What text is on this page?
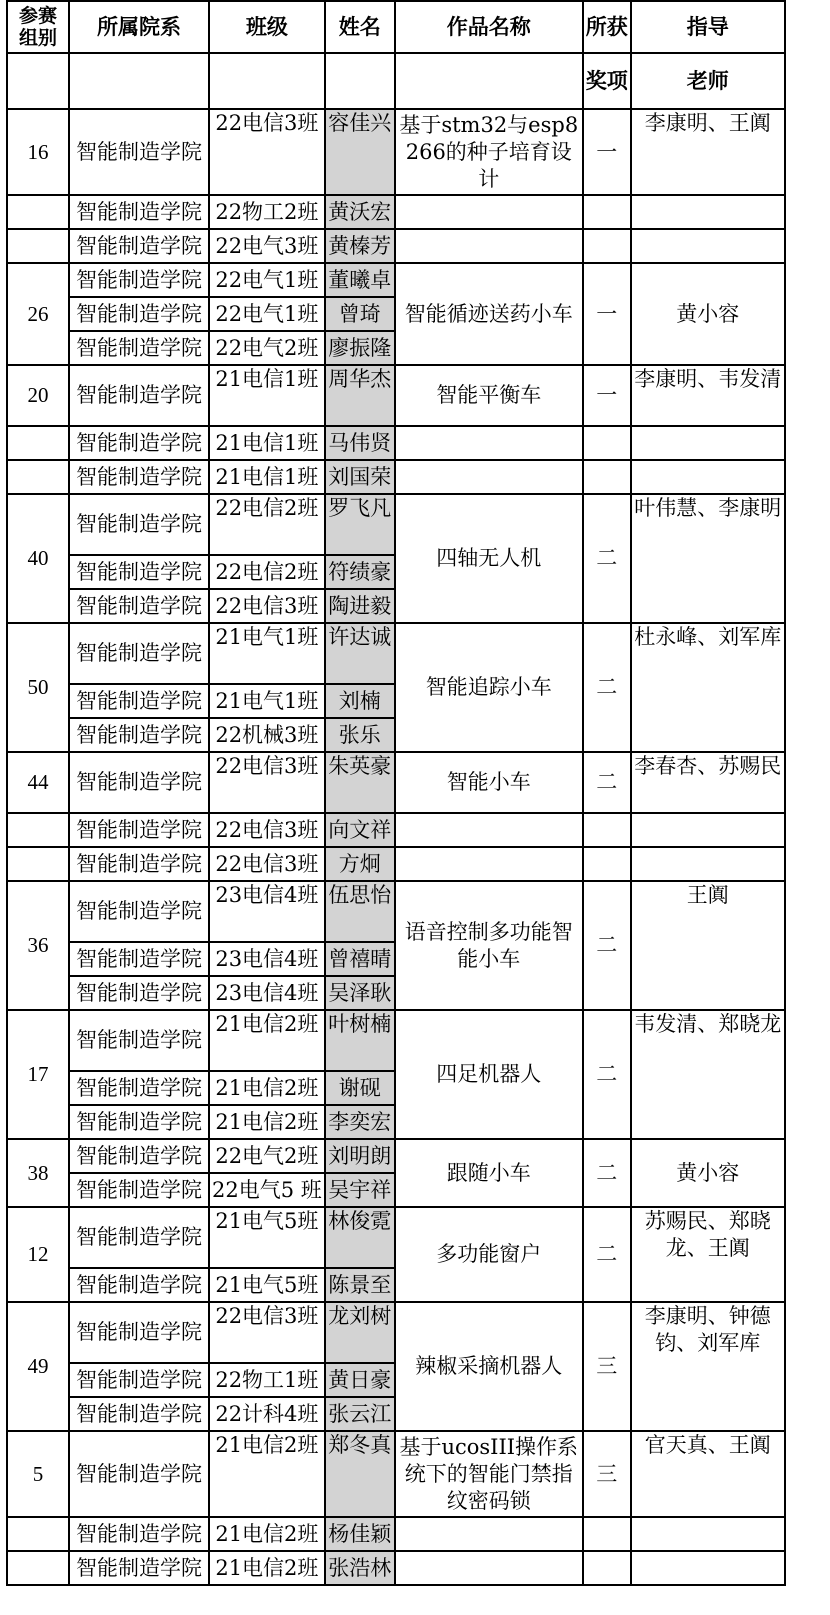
参赛组别	所属院系	班级	姓名	作品名称	所获	指导
					奖项	老师
16	智能制造学院	22电信3班	容佳兴	基于stm32与esp8266的种子培育设计	一	李康明、王阗
	智能制造学院	22物工2班	黄沃宏			
	智能制造学院	22电气3班	黄榛芳			
26	智能制造学院	22电气1班	董曦卓	智能循迹送药小车	一	黄小容
	智能制造学院	22电气1班	曾琦			
	智能制造学院	22电气2班	廖振隆			
20	智能制造学院	21电信1班	周华杰	智能平衡车	一	李康明、韦发清
	智能制造学院	21电信1班	马伟贤			
	智能制造学院	21电信1班	刘国荣			
40	智能制造学院	22电信2班	罗飞凡	四轴无人机	二	叶伟慧、李康明
	智能制造学院	22电信2班	符绩豪			
	智能制造学院	22电信3班	陶进毅			
50	智能制造学院	21电气1班	许达诚	智能追踪小车	二	杜永峰、刘军库
	智能制造学院	21电气1班	刘楠			
	智能制造学院	22机械3班	张乐			
44	智能制造学院	22电信3班	朱英豪	智能小车	二	李春杏、苏赐民
	智能制造学院	22电信3班	向文祥			
	智能制造学院	22电信3班	方炯			
36	智能制造学院	23电信4班	伍思怡	语音控制多功能智能小车	二	王阗
	智能制造学院	23电信4班	曾禧晴			
	智能制造学院	23电信4班	吴泽耿			
17	智能制造学院	21电信2班	叶树楠	四足机器人	二	韦发清、郑晓龙
	智能制造学院	21电信2班	谢砚			
	智能制造学院	21电信2班	李奕宏			
38	智能制造学院	22电气2班	刘明朗	跟随小车	二	黄小容
	智能制造学院	22电气5 班	吴宇祥			
12	智能制造学院	21电气5班	林俊霓	多功能窗户	二	苏赐民、郑晓龙、王阗
	智能制造学院	21电气5班	陈景至			
49	智能制造学院	22电信3班	龙刘树	辣椒采摘机器人	三	李康明、钟德钧、刘军库
	智能制造学院	22物工1班	黄日豪			
	智能制造学院	22计科4班	张云江			
5	智能制造学院	21电信2班	郑冬真	基于ucosIII操作系统下的智能门禁指纹密码锁	三	官天真、王阗
	智能制造学院	21电信2班	杨佳颖			
	智能制造学院	21电信2班	张浩林			
